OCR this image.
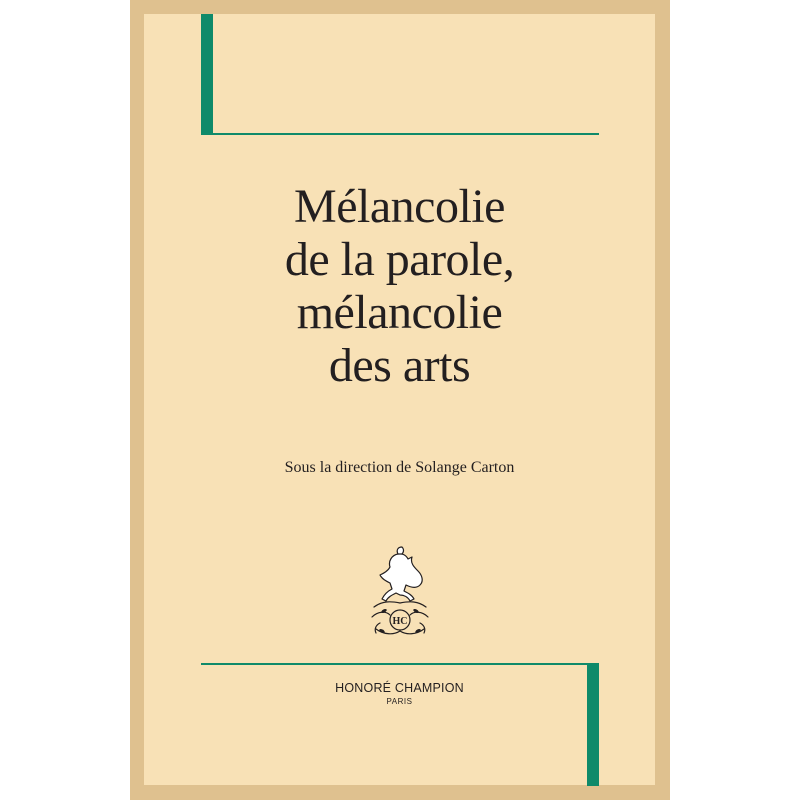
Mélancolie
de la parole,
mélancolie
des arts
Sous la direction de Solange Carton
HC
HONORÉ CHAMPION
PARIS
